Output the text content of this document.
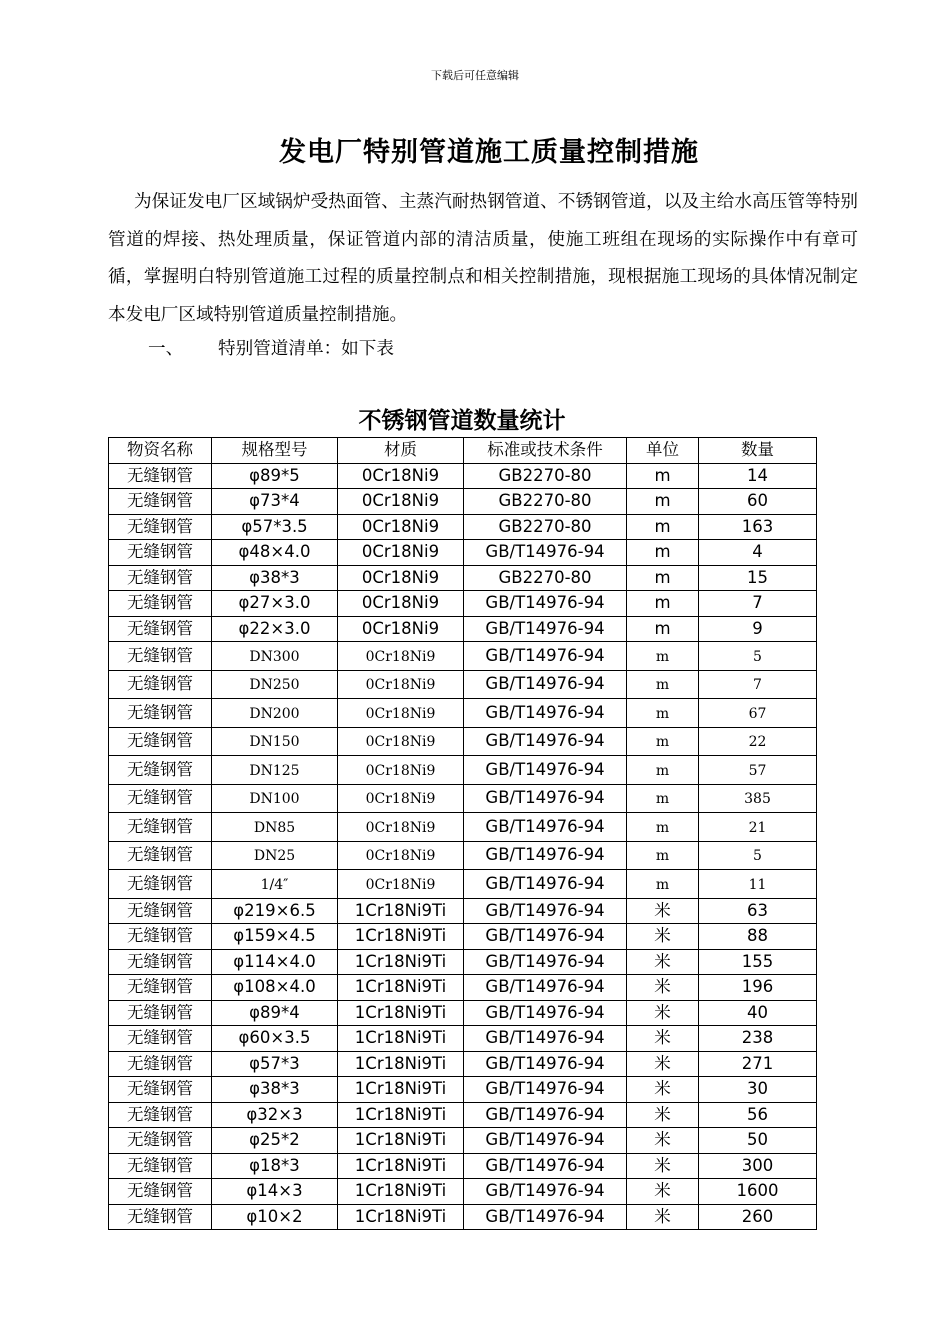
下载后可任意编辑
发电厂特别管道施工质量控制措施

为保证发电厂区域锅炉受热面管、主蒸汽耐热钢管道、不锈钢管道，以及主给水高压管等特别管道的焊接、热处理质量，保证管道内部的清洁质量，使施工班组在现场的实际操作中有章可循，掌握明白特别管道施工过程的质量控制点和相关控制措施，现根据施工现场的具体情况制定本发电厂区域特别管道质量控制措施。

一、 特别管道清单：如下表
不锈钢管道数量统计
物资名称	规格型号	材质	标准或技术条件	单位	数量
无缝钢管	φ89*5	0Cr18Ni9	GB2270-80	m	14
无缝钢管	φ73*4	0Cr18Ni9	GB2270-80	m	60
无缝钢管	φ57*3.5	0Cr18Ni9	GB2270-80	m	163
无缝钢管	φ48×4.0	0Cr18Ni9	GB/T14976-94	m	4
无缝钢管	φ38*3	0Cr18Ni9	GB2270-80	m	15
无缝钢管	φ27×3.0	0Cr18Ni9	GB/T14976-94	m	7
无缝钢管	φ22×3.0	0Cr18Ni9	GB/T14976-94	m	9
无缝钢管	DN300	0Cr18Ni9	GB/T14976-94	m	5
无缝钢管	DN250	0Cr18Ni9	GB/T14976-94	m	7
无缝钢管	DN200	0Cr18Ni9	GB/T14976-94	m	67
无缝钢管	DN150	0Cr18Ni9	GB/T14976-94	m	22
无缝钢管	DN125	0Cr18Ni9	GB/T14976-94	m	57
无缝钢管	DN100	0Cr18Ni9	GB/T14976-94	m	385
无缝钢管	DN85	0Cr18Ni9	GB/T14976-94	m	21
无缝钢管	DN25	0Cr18Ni9	GB/T14976-94	m	5
无缝钢管	1/4″	0Cr18Ni9	GB/T14976-94	m	11
无缝钢管	φ219×6.5	1Cr18Ni9Ti	GB/T14976-94	米	63
无缝钢管	φ159×4.5	1Cr18Ni9Ti	GB/T14976-94	米	88
无缝钢管	φ114×4.0	1Cr18Ni9Ti	GB/T14976-94	米	155
无缝钢管	φ108×4.0	1Cr18Ni9Ti	GB/T14976-94	米	196
无缝钢管	φ89*4	1Cr18Ni9Ti	GB/T14976-94	米	40
无缝钢管	φ60×3.5	1Cr18Ni9Ti	GB/T14976-94	米	238
无缝钢管	φ57*3	1Cr18Ni9Ti	GB/T14976-94	米	271
无缝钢管	φ38*3	1Cr18Ni9Ti	GB/T14976-94	米	30
无缝钢管	φ32×3	1Cr18Ni9Ti	GB/T14976-94	米	56
无缝钢管	φ25*2	1Cr18Ni9Ti	GB/T14976-94	米	50
无缝钢管	φ18*3	1Cr18Ni9Ti	GB/T14976-94	米	300
无缝钢管	φ14×3	1Cr18Ni9Ti	GB/T14976-94	米	1600
无缝钢管	φ10×2	1Cr18Ni9Ti	GB/T14976-94	米	260
